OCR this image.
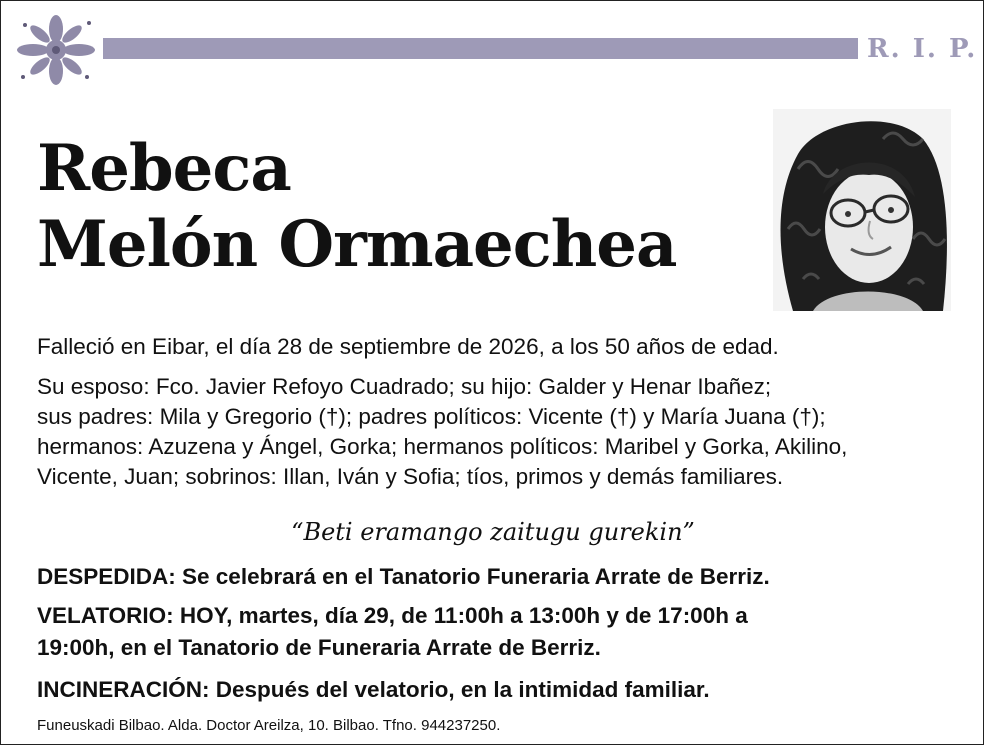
R. I. P.
Rebeca
Melón Ormaechea
Falleció en Eibar, el día 28 de septiembre de 2026, a los 50 años de edad.
Su esposo: Fco. Javier Refoyo Cuadrado; su hijo: Galder y Henar Ibañez;
sus padres: Mila y Gregorio (†); padres políticos: Vicente (†) y María Juana (†);
hermanos: Azuzena y Ángel, Gorka; hermanos políticos: Maribel y Gorka, Akilino,
Vicente, Juan; sobrinos: Illan, Iván y Sofia; tíos, primos y demás familiares.
“Beti eramango zaitugu gurekin”
DESPEDIDA: Se celebrará en el Tanatorio Funeraria Arrate de Berriz.
VELATORIO: HOY, martes, día 29, de 11:00h a 13:00h y de 17:00h a
19:00h, en el Tanatorio de Funeraria Arrate de Berriz.
INCINERACIÓN: Después del velatorio, en la intimidad familiar.
Funeuskadi Bilbao. Alda. Doctor Areilza, 10. Bilbao. Tfno. 944237250.
